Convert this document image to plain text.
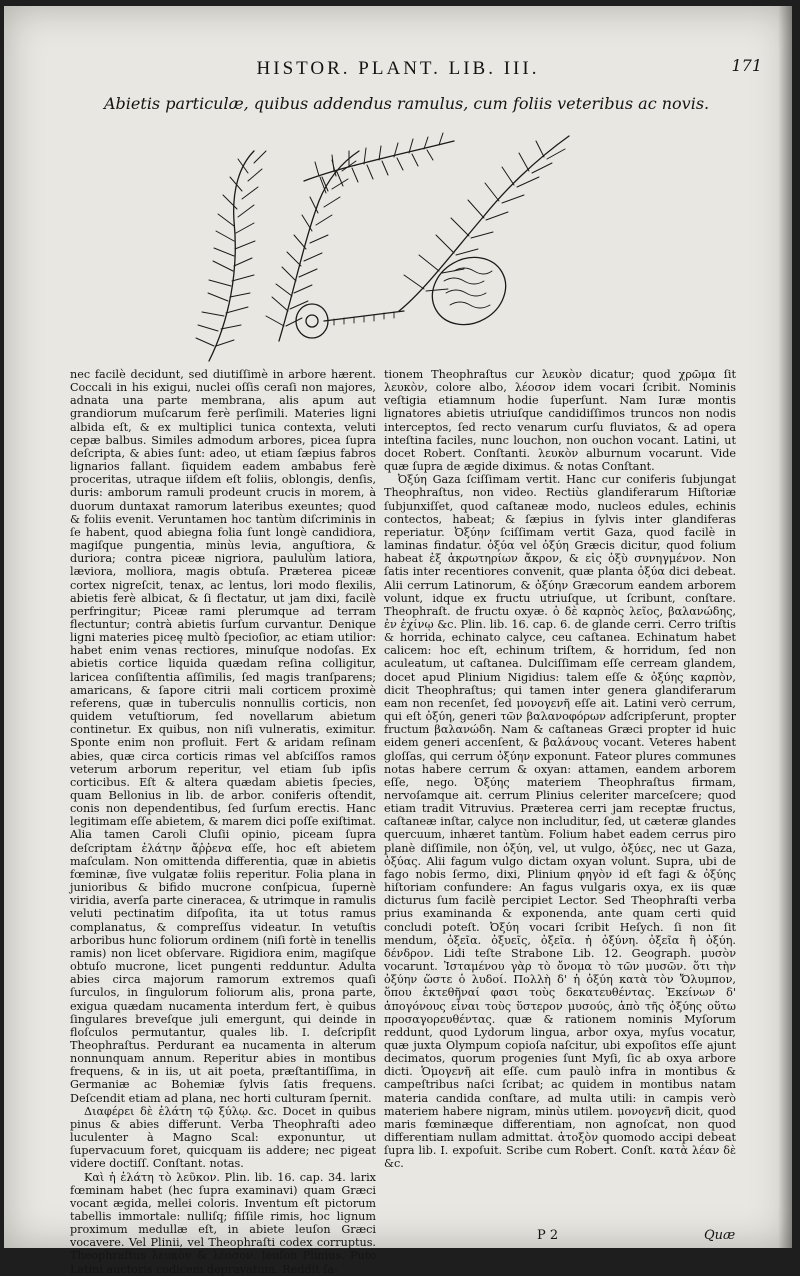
HISTOR. PLANT. LIB. III.	171
Abietis particulæ, quibus addendus ramulus, cum foliis veteribus ac novis.

nec facilè decidunt, sed diutiſſimè in arbore hærent. Coccali in his exigui, nuclei oſſis ceraſi non majores, adnata una parte membrana, alis apum aut grandiorum muſcarum ferè perſimili. Materies ligni albida eſt, & ex multiplici tunica contexta, veluti cepæ balbus. Similes admodum arbores, picea ſupra deſcripta, & abies ſunt: adeo, ut etiam ſæpius fabros lignarios fallant. ſiquidem eadem ambabus ferè proceritas, utraque iiſdem eſt foliis, oblongis, denſis, duris: amborum ramuli prodeunt crucis in morem, à duorum duntaxat ramorum lateribus exeuntes; quod & foliis evenit. Veruntamen hoc tantùm diſcriminis in ſe habent, quod abiegna folia ſunt longè candidiora, magiſque pungentia, minùs levia, anguſtiora, & duriora; contra piceæ nigriora, paululùm latiora, læviora, molliora, magis obtuſa. Præterea piceæ cortex nigreſcit, tenax, ac lentus, lori modo flexilis, abietis ferè albicat, & ſi flectatur, ut jam dixi, facilè perfringitur; Piceæ rami plerumque ad terram flectuntur; contrà abietis ſurſum curvantur. Denique ligni materies piceę multò ſpecioſior, ac etiam utilior: habet enim venas rectiores, minuſque nodoſas. Ex abietis cortice liquida quædam reſina colligitur, laricea conſiſtentia aſſimilis, ſed magis tranſparens; amaricans, & ſapore citrii mali corticem proximè referens, quæ in tuberculis nonnullis corticis, non quidem vetuſtiorum, ſed novellarum abietum continetur. Ex quibus, non niſi vulneratis, eximitur. Sponte enim non profluit. Fert & aridam reſinam abies, quæ circa corticis rimas vel abſciſſos ramos veterum arborum reperitur, vel etiam ſub ipſis corticibus. Eſt & altera quædam abietis ſpecies, quam Bellonius in lib. de arbor. coniferis oſtendit, conis non dependentibus, ſed ſurſum erectis. Hanc legitimam eſſe abietem, & marem dici poſſe exiſtimat. Alia tamen Caroli Cluſii opinio, piceam ſupra deſcriptam ἐλάτην ἄῤῥενα eſſe, hoc eſt abietem maſculam. Non omittenda differentia, quæ in abietis fœminæ, ſive vulgatæ foliis reperitur. Folia plana in junioribus & bifido mucrone conſpicua, ſupernè viridia, averſa parte cineracea, & utrimque in ramulis veluti pectinatim diſpoſita, ita ut totus ramus complanatus, & compreſſus videatur. In vetuſtis arboribus hunc foliorum ordinem (niſi fortè in tenellis ramis) non licet obſervare. Rigidiora enim, magiſque obtuſo mucrone, licet pungenti redduntur. Adulta abies circa majorum ramorum extremos quaſi ſurculos, in ſingulorum foliorum alis, prona parte, exigua quædam nucamenta interdum fert, è quibus ſingulares breveſque juli emergunt, qui deinde in floſculos permutantur, quales lib. I. deſcripſit Theophraſtus. Perdurant ea nucamenta in alterum nonnunquam annum. Reperitur abies in montibus frequens, & in iis, ut ait poeta, præſtantiſſima, in Germaniæ ac Bohemiæ ſylvis ſatis frequens. Deſcendit etiam ad plana, nec horti culturam ſpernit.

Διαφέρει δὲ ἐλάτη τῷ ξύλῳ. &c. Docet in quibus pinus & abies differunt. Verba Theophraſti adeo luculenter à Magno Scal: exponuntur, ut ſupervacuum foret, quicquam iis addere; nec pigeat videre doctiſſ. Conſtant. notas.

Καὶ ἡ ἐλάτη τὸ λεῦκον. Plin. lib. 16. cap. 34. larix fœminam habet (hec ſupra examinavi) quam Græci vocant ægida, mellei coloris. Inventum eſt pictorum tabellis immortale: nulliſq; fiſſile rimis, hoc lignum proximum medullæ eſt, in abiete leuſon Græci vocavere. Vel Plinii, vel Theophraſti codex corruptus. Theophraſtus λευκὸν & λέοσον. leuſon Plinius. Puto Latini auctoris codicem depravatum. Reddit ſa-

tionem Theophraſtus cur λευκὸν dicatur; quod χρῶμα ſit λευκὸν, colore albo, λέοσον idem vocari ſcribit. Nominis veſtigia etiamnum hodie ſuperſunt. Nam Iuræ montis lignatores abietis utriuſque candidiſſimos truncos non nodis interceptos, ſed recto venarum curſu fluviatos, & ad opera inteſtina faciles, nunc louchon, non ouchon vocant. Latini, ut docet Robert. Conſtanti. λευκὸν alburnum vocarunt. Vide quæ ſupra de ægide diximus. & notas Conſtant.

Ὀξύη Gaza ſciſſimam vertit. Hanc cur coniferis ſubjungat Theophraſtus, non video. Rectiùs glandiferarum Hiſtoriæ ſubjunxiſſet, quod caſtaneæ modo, nucleos edules, echinis contectos, habeat; & ſæpius in ſylvis inter glandiferas reperiatur. Ὀξύην ſciſſimam vertit Gaza, quod facilè in laminas findatur. ὀξύα vel ὀξύη Græcis dicitur, quod folium habeat ἐξ ἀκρωτηρίων ἄκρον, & εἰς ὀξὺ συνηγμένον. Non ſatis inter recentiores convenit, quæ planta ὀξύα dici debeat. Alii cerrum Latinorum, & ὀξύην Græcorum eandem arborem volunt, idque ex fructu utriuſque, ut ſcribunt, conſtare. Theophraſt. de fructu oxyæ. ὁ δὲ καρπὸς λεῖος, βαλανώδης, ἐν ἐχίνῳ &c. Plin. lib. 16. cap. 6. de glande cerri. Cerro triſtis & horrida, echinato calyce, ceu caſtanea. Echinatum habet calicem: hoc eſt, echinum triſtem, & horridum, ſed non aculeatum, ut caſtanea. Dulciſſimam eſſe cerream glandem, docet apud Plinium Nigidius: talem eſſe & ὀξύης καρπὸν, dicit Theophraſtus; qui tamen inter genera glandiferarum eam non recenſet, ſed μονογενῆ eſſe ait. Latini verò cerrum, qui eſt ὀξύη, generi τῶν βαλανοφόρων adſcripſerunt, propter fructum βαλανώδη. Nam & caſtaneas Græci propter id huic eidem generi accenſent, & βαλάνους vocant. Veteres habent gloſſas, qui cerrum ὀξύην exponunt. Fateor plures communes notas habere cerrum & oxyan: attamen, eandem arborem eſſe, nego. Ὀξύης materiem Theophraſtus firmam, nervoſamque ait. cerrum Plinius celeriter marceſcere; quod etiam tradit Vitruvius. Præterea cerri jam receptæ fructus, caſtaneæ inſtar, calyce non includitur, ſed, ut cæteræ glandes quercuum, inhæret tantùm. Folium habet eadem cerrus piro planè diſſimile, non ὀξύη, vel, ut vulgo, ὀξύες, nec ut Gaza, ὀξύας. Alii fagum vulgo dictam oxyan volunt. Supra, ubi de fago nobis ſermo, dixi, Plinium φηγὸν id eſt fagi & ὀξύης hiſtoriam confundere: An fagus vulgaris oxya, ex iis quæ dicturus ſum facilè percipiet Lector. Sed Theophraſti verba prius examinanda & exponenda, ante quam certi quid concludi poteſt. Ὀξύη vocari ſcribit Heſych. ſi non ſit mendum, ὀξεῖα. ὀξυεῖς, ὀξεῖα. ἡ ὀξύνη. ὀξεῖα ἢ ὀξύη. δένδρον. Lidi teſte Strabone Lib. 12. Geograph. μυσὸν vocarunt. Ἰσταμένου γὰρ τὸ ὄνομα τὸ τῶν μυσῶν. ὅτι τὴν ὀξύην ὥστε ὁ λυδοί. Πολλὴ δ' ἡ ὀξύη κατὰ τὸν Ὄλυμπον, ὅπου ἐκτεθῆναί φασι τοὺς δεκατευθέντας. Ἐκείνων δ' ἀπογόνους εἶναι τοὺς ὕστερον μυσούς, ἀπὸ τῆς ὀξύης οὕτω προσαγορευθέντας. quæ & rationem nominis Myſorum reddunt, quod Lydorum lingua, arbor oxya, myſus vocatur, quæ juxta Olympum copioſa naſcitur, ubi expoſitos eſſe ajunt decimatos, quorum progenies ſunt Myſi, ſic ab oxya arbore dicti. Ὁμογενῆ ait eſſe. cum paulò infra in montibus & campeſtribus naſci ſcribat; ac quidem in montibus natam materia candida conſtare, ad multa utili: in campis verò materiem habere nigram, minùs utilem. μονογενῆ dicit, quod maris fœminæque differentiam, non agnoſcat, non quod differentiam nullam admittat. ἀτοξὸν quomodo accipi debeat ſupra lib. I. expoſuit. Scribe cum Robert. Conſt. κατὰ λέαν δὲ &c.

P 2	Quæ
